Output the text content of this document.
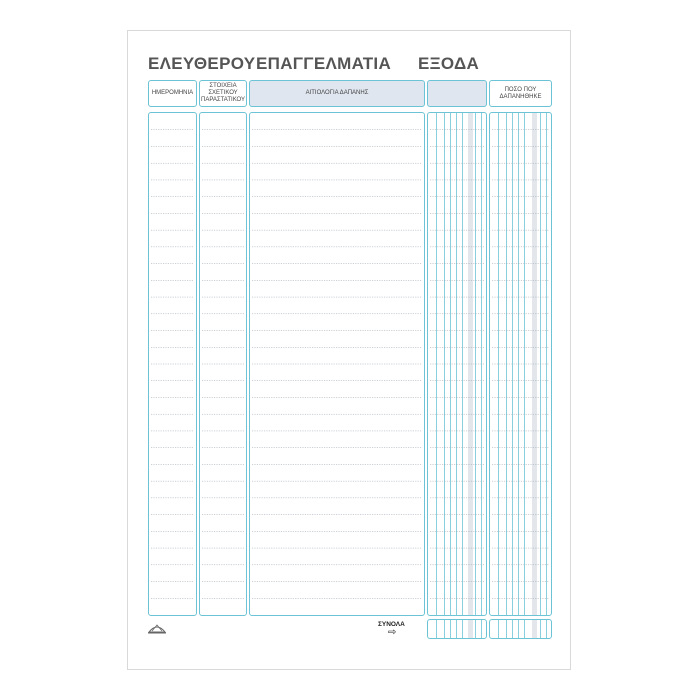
ΕΛΕΥΘΕΡΟΥ ΕΠΑΓΓΕΛΜΑΤΙΑ ΕΞΟΔΑ
ΗΜΕΡΟΜΗΝΙΑ
ΣΤΟΙΧΕΙΑ
ΣΧΕΤΙΚΟΥ
ΠΑΡΑΣΤΑΤΙΚΟΥ
ΑΙΤΙΟΛΟΓΙΑ ΔΑΠΑΝΗΣ
ΠΟΣΟ ΠΟΥ
ΔΑΠΑΝΗΘΗΚΕ
ΣΥΝΟΛΑ
⇨
